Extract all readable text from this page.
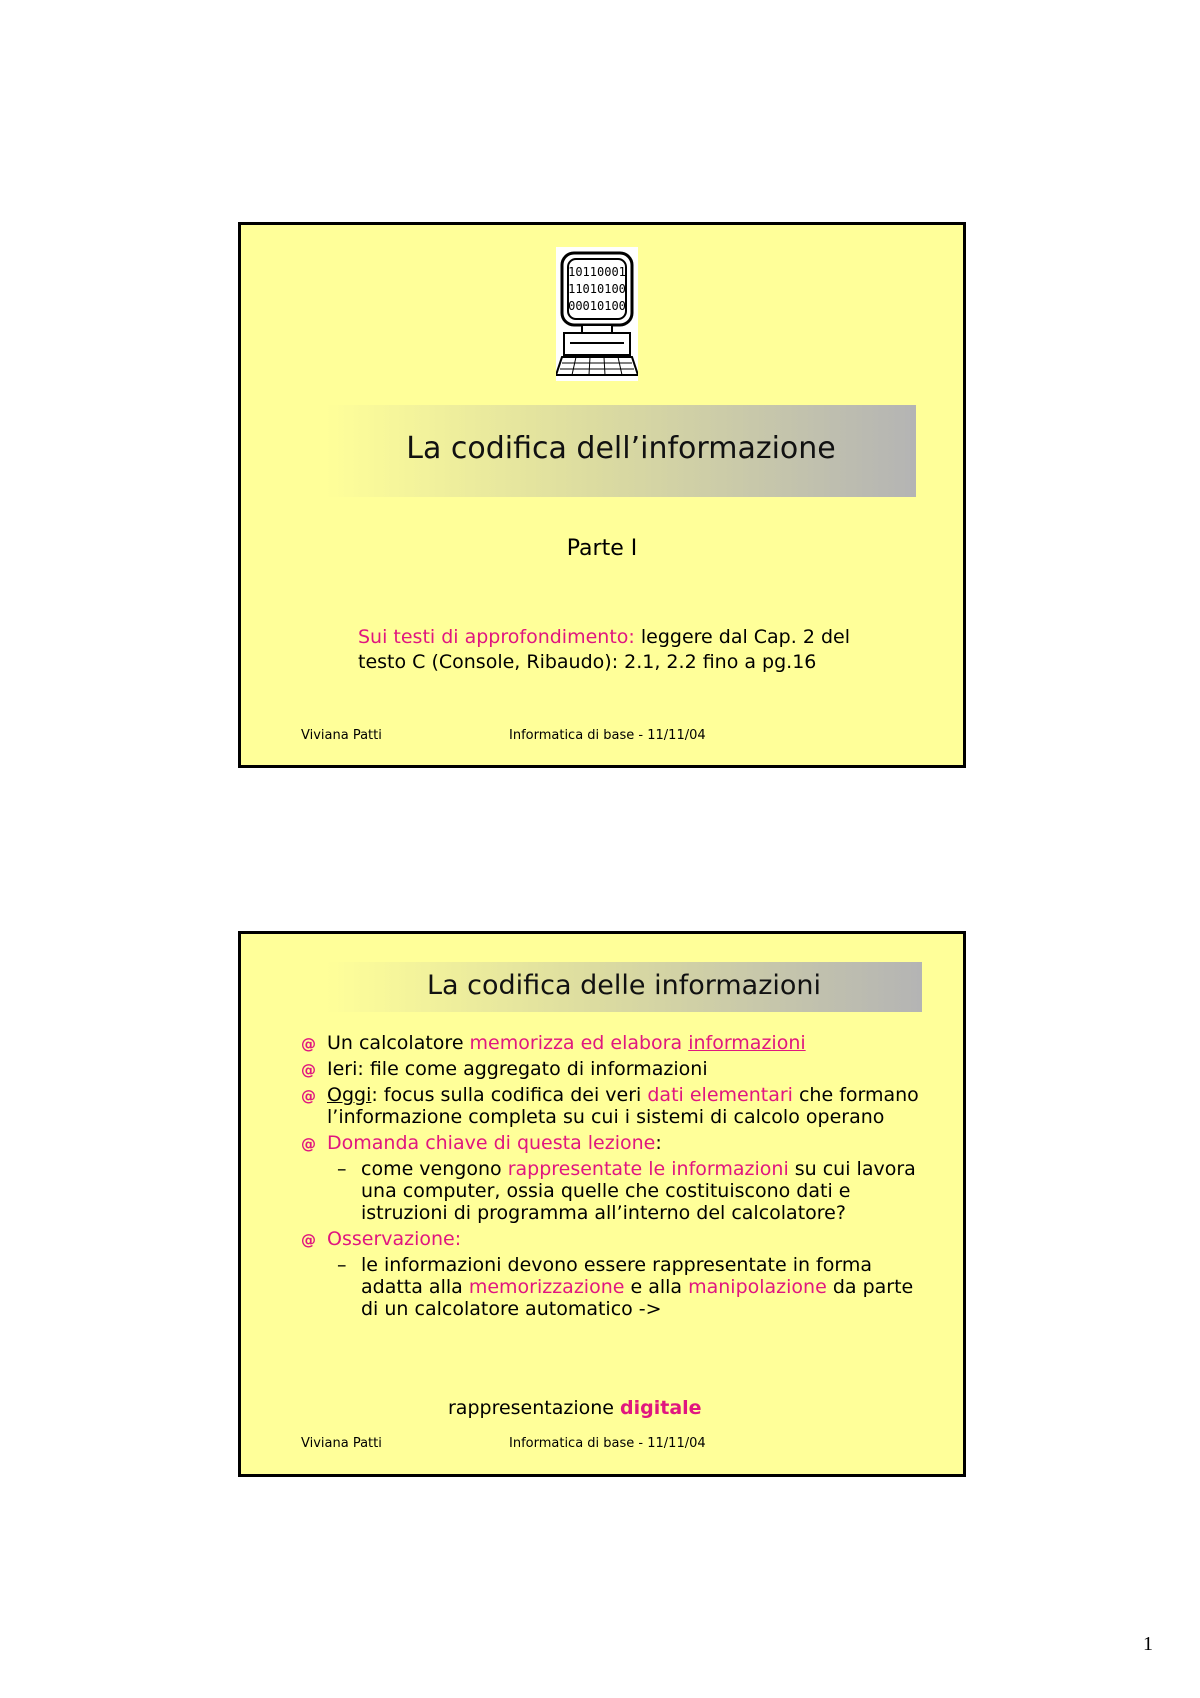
10110001
11010100
00010100
La codifica dell’informazione
Parte I
Sui testi di approfondimento: leggere dal Cap. 2 del testo C (Console, Ribaudo): 2.1, 2.2 fino a pg.16
Viviana Patti	Informatica di base - 11/11/04
La codifica delle informazioni
@ Un calcolatore memorizza ed elabora informazioni
@ Ieri: file come aggregato di informazioni
@ Oggi: focus sulla codifica dei veri dati elementari che formano l’informazione completa su cui i sistemi di calcolo operano
@ Domanda chiave di questa lezione:
– come vengono rappresentate le informazioni su cui lavora una computer, ossia quelle che costituiscono dati e istruzioni di programma all’interno del calcolatore?
@ Osservazione:
– le informazioni devono essere rappresentate in forma adatta alla memorizzazione e alla manipolazione da parte di un calcolatore automatico ->
rappresentazione digitale
Viviana Patti	Informatica di base - 11/11/04
1
